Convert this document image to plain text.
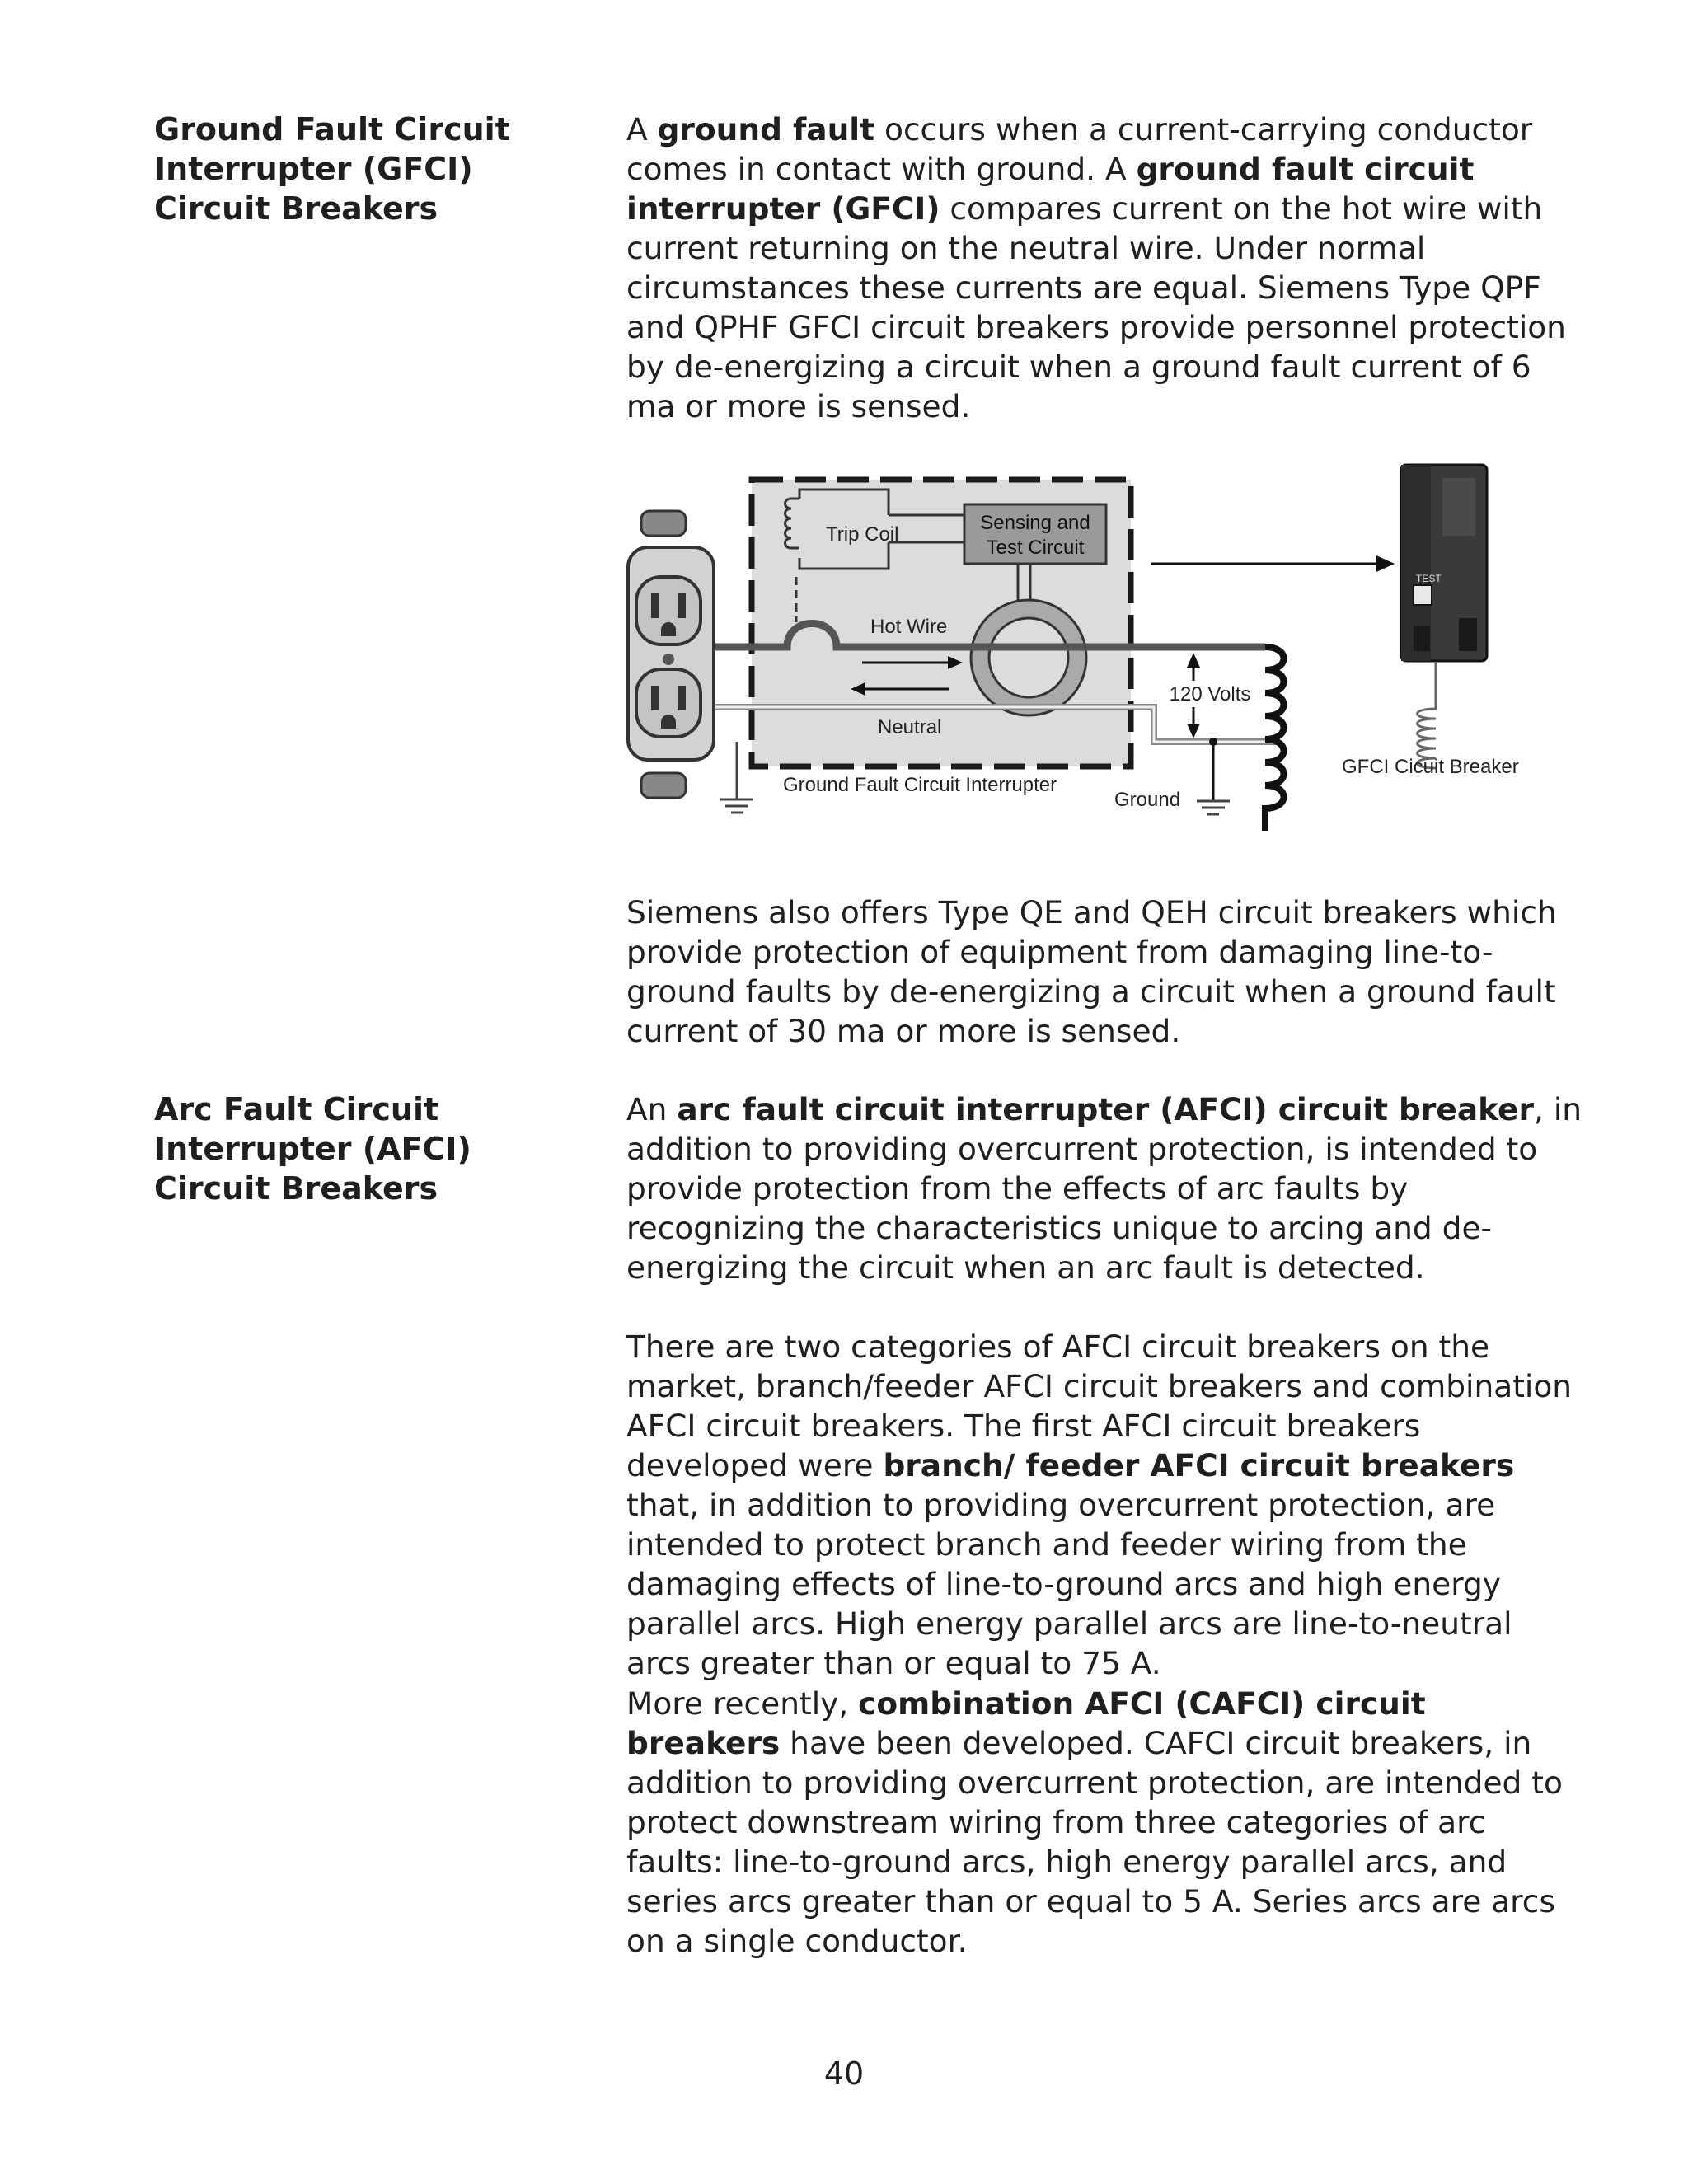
Ground Fault Circuit Interrupter (GFCI) Circuit Breakers

A ground fault occurs when a current-carrying conductor comes in contact with ground. A ground fault circuit interrupter (GFCI) compares current on the hot wire with current returning on the neutral wire. Under normal circumstances these currents are equal. Siemens Type QPF and QPHF GFCI circuit breakers provide personnel protection by de-energizing a circuit when a ground fault current of 6 ma or more is sensed.

Trip Coil
Sensing and
Test Circuit
Hot Wire
Neutral
120 Volts
Ground
Ground Fault Circuit Interrupter
TEST
GFCI Cicuit Breaker
Siemens also offers Type QE and QEH circuit breakers which provide protection of equipment from damaging line-to-ground faults by de-energizing a circuit when a ground fault current of 30 ma or more is sensed.
Arc Fault Circuit Interrupter (AFCI) Circuit Breakers

An arc fault circuit interrupter (AFCI) circuit breaker, in addition to providing overcurrent protection, is intended to provide protection from the effects of arc faults by recognizing the characteristics unique to arcing and de-energizing the circuit when an arc fault is detected.

There are two categories of AFCI circuit breakers on the market, branch/feeder AFCI circuit breakers and combination AFCI circuit breakers. The first AFCI circuit breakers developed were branch/ feeder AFCI circuit breakers that, in addition to providing overcurrent protection, are intended to protect branch and feeder wiring from the damaging effects of line-to-ground arcs and high energy parallel arcs. High energy parallel arcs are line-to-neutral arcs greater than or equal to 75 A.

More recently, combination AFCI (CAFCI) circuit breakers have been developed. CAFCI circuit breakers, in addition to providing overcurrent protection, are intended to protect downstream wiring from three categories of arc faults: line-to-ground arcs, high energy parallel arcs, and series arcs greater than or equal to 5 A. Series arcs are arcs on a single conductor.

40
